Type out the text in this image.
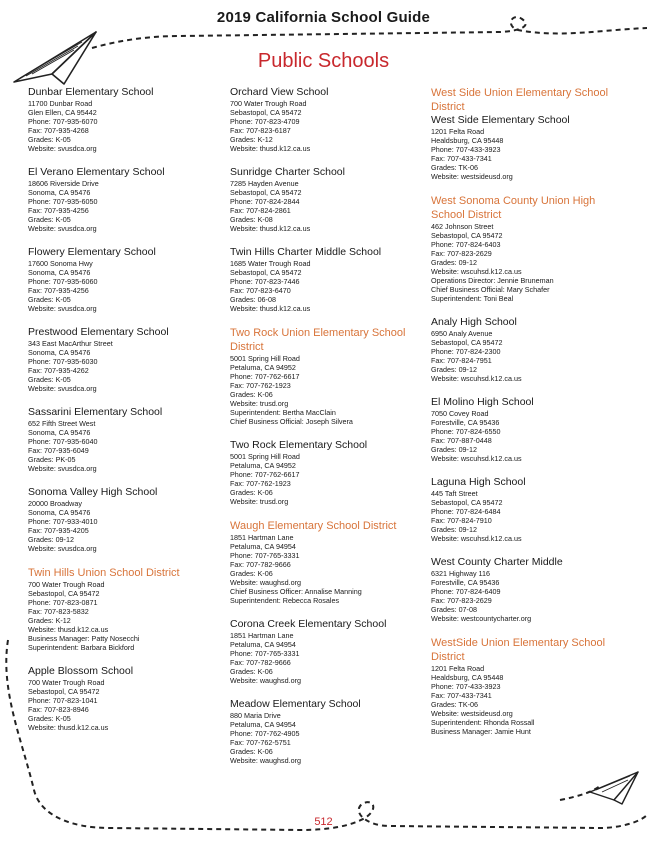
2019 California School Guide
Public Schools
Dunbar Elementary School
11700 Dunbar Road
Glen Ellen, CA 95442
Phone: 707-935-6070
Fax: 707-935-4268
Grades: K-05
Website: svusdca.org
El Verano Elementary School
18606 Riverside Drive
Sonoma, CA 95476
Phone: 707-935-6050
Fax: 707-935-4256
Grades: K-05
Website: svusdca.org
Flowery Elementary School
17600 Sonoma Hwy
Sonoma, CA 95476
Phone: 707-935-6060
Fax: 707-935-4256
Grades: K-05
Website: svusdca.org
Prestwood Elementary School
343 East MacArthur Street
Sonoma, CA 95476
Phone: 707-935-6030
Fax: 707-935-4262
Grades: K-05
Website: svusdca.org
Sassarini Elementary School
652 Fifth Street West
Sonoma, CA 95476
Phone: 707-935-6040
Fax: 707-935-6049
Grades: PK-05
Website: svusdca.org
Sonoma Valley High School
20000 Broadway
Sonoma, CA 95476
Phone: 707-933-4010
Fax: 707-935-4205
Grades: 09-12
Website: svusdca.org
Twin Hills Union School District
700 Water Trough Road
Sebastopol, CA 95472
Phone: 707-823-0871
Fax: 707-823-5832
Grades: K-12
Website: thusd.k12.ca.us
Business Manager: Patty Nosecchi
Superintendent: Barbara Bickford
Apple Blossom School
700 Water Trough Road
Sebastopol, CA 95472
Phone: 707-823-1041
Fax: 707-823-8946
Grades: K-05
Website: thusd.k12.ca.us
Orchard View School
700 Water Trough Road
Sebastopol, CA 95472
Phone: 707-823-4709
Fax: 707-823-6187
Grades: K-12
Website: thusd.k12.ca.us
Sunridge Charter School
7285 Hayden Avenue
Sebastopol, CA 95472
Phone: 707-824-2844
Fax: 707-824-2861
Grades: K-08
Website: thusd.k12.ca.us
Twin Hills Charter Middle School
1685 Water Trough Road
Sebastopol, CA 95472
Phone: 707-823-7446
Fax: 707-823-6470
Grades: 06-08
Website: thusd.k12.ca.us
Two Rock Union Elementary School District
5001 Spring Hill Road
Petaluma, CA 94952
Phone: 707-762-6617
Fax: 707-762-1923
Grades: K-06
Website: trusd.org
Superintendent: Bertha MacClain
Chief Business Official: Joseph Silvera
Two Rock Elementary School
5001 Spring Hill Road
Petaluma, CA 94952
Phone: 707-762-6617
Fax: 707-762-1923
Grades: K-06
Website: trusd.org
Waugh Elementary School District
1851 Hartman Lane
Petaluma, CA 94954
Phone: 707-765-3331
Fax: 707-782-9666
Grades: K-06
Website: waughsd.org
Chief Business Officer: Annalise Manning
Superintendent: Rebecca Rosales
Corona Creek Elementary School
1851 Hartman Lane
Petaluma, CA 94954
Phone: 707-765-3331
Fax: 707-782-9666
Grades: K-06
Website: waughsd.org
Meadow Elementary School
880 Maria Drive
Petaluma, CA 94954
Phone: 707-762-4905
Fax: 707-762-5751
Grades: K-06
Website: waughsd.org
West Side Union Elementary School District
West Side Elementary School
1201 Felta Road
Healdsburg, CA 95448
Phone: 707-433-3923
Fax: 707-433-7341
Grades: TK-06
Website: westsideusd.org
West Sonoma County Union High School District
462 Johnson Street
Sebastopol, CA 95472
Phone: 707-824-6403
Fax: 707-823-2629
Grades: 09-12
Website: wscuhsd.k12.ca.us
Operations Director: Jennie Bruneman
Chief Business Official: Mary Schafer
Superintendent: Toni Beal
Analy High School
6950 Analy Avenue
Sebastopol, CA 95472
Phone: 707-824-2300
Fax: 707-824-7951
Grades: 09-12
Website: wscuhsd.k12.ca.us
El Molino High School
7050 Covey Road
Forestville, CA 95436
Phone: 707-824-6550
Fax: 707-887-0448
Grades: 09-12
Website: wscuhsd.k12.ca.us
Laguna High School
445 Taft Street
Sebastopol, CA 95472
Phone: 707-824-6484
Fax: 707-824-7910
Grades: 09-12
Website: wscuhsd.k12.ca.us
West County Charter Middle
6321 Highway 116
Forestville, CA 95436
Phone: 707-824-6409
Fax: 707-823-2629
Grades: 07-08
Website: westcountycharter.org
WestSide Union Elementary School District
1201 Felta Road
Healdsburg, CA 95448
Phone: 707-433-3923
Fax: 707-433-7341
Grades: TK-06
Website: westsideusd.org
Superintendent: Rhonda Rossall
Business Manager: Jamie Hunt
512
